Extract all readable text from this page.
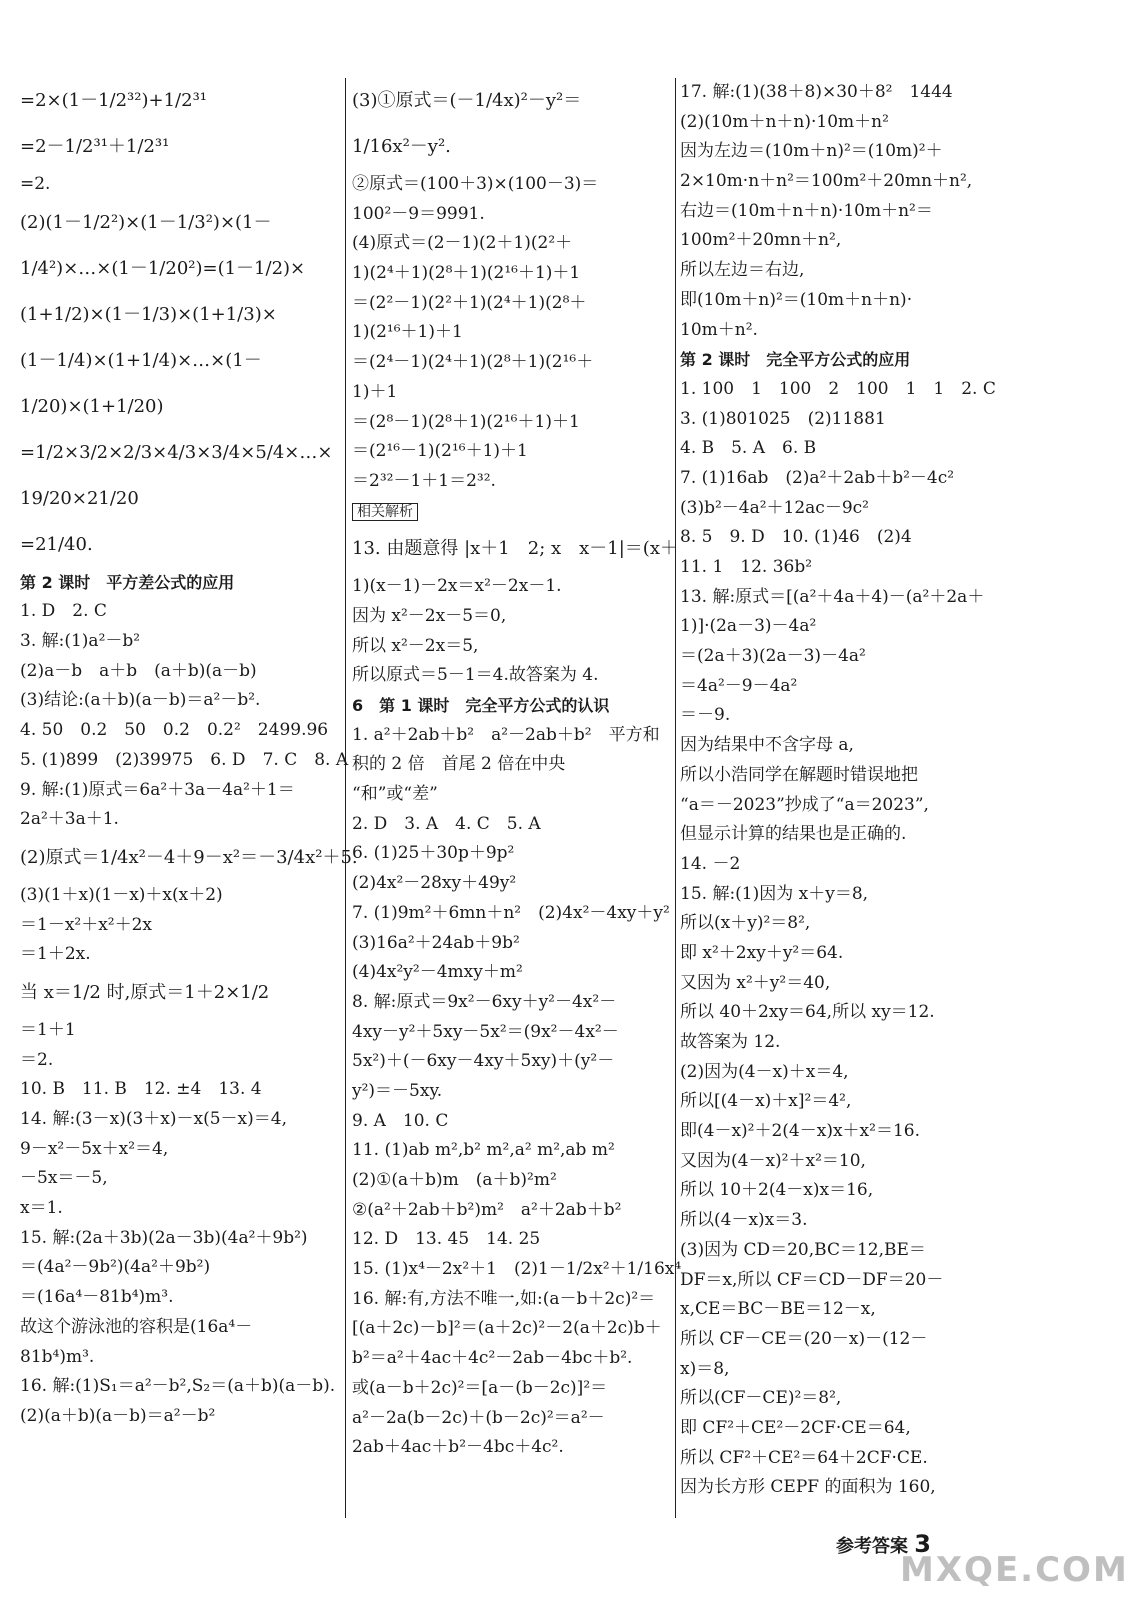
=2×(1－1/2³²)+1/2³¹
=2－1/2³¹＋1/2³¹
=2.
(2)(1－1/2²)×(1－1/3²)×(1－
1/4²)×…×(1－1/20²)=(1－1/2)×
(1+1/2)×(1－1/3)×(1+1/3)×
(1－1/4)×(1+1/4)×…×(1－
1/20)×(1+1/20)
=1/2×3/2×2/3×4/3×3/4×5/4×…×
19/20×21/20
=21/40.
第 2 课时　平方差公式的应用
1. D　2. C
3. 解:(1)a²－b²
(2)a－b　a＋b　(a＋b)(a－b)
(3)结论:(a＋b)(a－b)＝a²－b².
4. 50　0.2　50　0.2　0.2²　2499.96
5. (1)899　(2)39975　6. D　7. C　8. A
9. 解:(1)原式＝6a²＋3a－4a²＋1＝
2a²＋3a＋1.
(2)原式＝1/4x²－4＋9－x²＝－3/4x²＋5.
(3)(1＋x)(1－x)＋x(x＋2)
＝1－x²＋x²＋2x
＝1＋2x.
当 x＝1/2 时,原式＝1＋2×1/2
＝1＋1
＝2.
10. B　11. B　12. ±4　13. 4
14. 解:(3－x)(3＋x)－x(5－x)＝4,
9－x²－5x＋x²＝4,
－5x＝－5,
x＝1.
15. 解:(2a＋3b)(2a－3b)(4a²＋9b²)
＝(4a²－9b²)(4a²＋9b²)
＝(16a⁴－81b⁴)m³.
故这个游泳池的容积是(16a⁴－
81b⁴)m³.
16. 解:(1)S₁＝a²－b²,S₂＝(a＋b)(a－b).
(2)(a＋b)(a－b)＝a²－b²
(3)①原式＝(－1/4x)²－y²＝
1/16x²－y².
②原式＝(100＋3)×(100－3)＝
100²－9＝9991.
(4)原式＝(2－1)(2＋1)(2²＋
1)(2⁴＋1)(2⁸＋1)(2¹⁶＋1)＋1
＝(2²－1)(2²＋1)(2⁴＋1)(2⁸＋
1)(2¹⁶＋1)＋1
＝(2⁴－1)(2⁴＋1)(2⁸＋1)(2¹⁶＋
1)＋1
＝(2⁸－1)(2⁸＋1)(2¹⁶＋1)＋1
＝(2¹⁶－1)(2¹⁶＋1)＋1
＝2³²－1＋1＝2³².
相关解析
13. 由题意得 |x＋1　2; x　x－1|＝(x＋
1)(x－1)－2x＝x²－2x－1.
因为 x²－2x－5＝0,
所以 x²－2x＝5,
所以原式＝5－1＝4.故答案为 4.
6　第 1 课时　完全平方公式的认识
1. a²＋2ab＋b²　a²－2ab＋b²　平方和
积的 2 倍　首尾 2 倍在中央
“和”或“差”
2. D　3. A　4. C　5. A
6. (1)25＋30p＋9p²
(2)4x²－28xy＋49y²
7. (1)9m²＋6mn＋n²　(2)4x²－4xy＋y²
(3)16a²＋24ab＋9b²
(4)4x²y²－4mxy＋m²
8. 解:原式＝9x²－6xy＋y²－4x²－
4xy－y²＋5xy－5x²＝(9x²－4x²－
5x²)＋(－6xy－4xy＋5xy)＋(y²－
y²)＝－5xy.
9. A　10. C
11. (1)ab m²,b² m²,a² m²,ab m²
(2)①(a＋b)m　(a＋b)²m²
②(a²＋2ab＋b²)m²　a²＋2ab＋b²
12. D　13. 45　14. 25
15. (1)x⁴－2x²＋1　(2)1－1/2x²＋1/16x⁴
16. 解:有,方法不唯一,如:(a－b＋2c)²＝
[(a＋2c)－b]²＝(a＋2c)²－2(a＋2c)b＋
b²＝a²＋4ac＋4c²－2ab－4bc＋b².
或(a－b＋2c)²＝[a－(b－2c)]²＝
a²－2a(b－2c)＋(b－2c)²＝a²－
2ab＋4ac＋b²－4bc＋4c².
17. 解:(1)(38＋8)×30＋8²　1444
(2)(10m＋n＋n)·10m＋n²
因为左边＝(10m＋n)²＝(10m)²＋
2×10m·n＋n²＝100m²＋20mn＋n²,
右边＝(10m＋n＋n)·10m＋n²＝
100m²＋20mn＋n²,
所以左边＝右边,
即(10m＋n)²＝(10m＋n＋n)·
10m＋n².
第 2 课时　完全平方公式的应用
1. 100　1　100　2　100　1　1　2. C
3. (1)801025　(2)11881
4. B　5. A　6. B
7. (1)16ab　(2)a²＋2ab＋b²－4c²
(3)b²－4a²＋12ac－9c²
8. 5　9. D　10. (1)46　(2)4
11. 1　12. 36b²
13. 解:原式＝[(a²＋4a＋4)－(a²＋2a＋
1)]·(2a－3)－4a²
＝(2a＋3)(2a－3)－4a²
＝4a²－9－4a²
＝－9.
因为结果中不含字母 a,
所以小浩同学在解题时错误地把
“a＝－2023”抄成了“a＝2023”,
但显示计算的结果也是正确的.
14. －2
15. 解:(1)因为 x＋y＝8,
所以(x＋y)²＝8²,
即 x²＋2xy＋y²＝64.
又因为 x²＋y²＝40,
所以 40＋2xy＝64,所以 xy＝12.
故答案为 12.
(2)因为(4－x)＋x＝4,
所以[(4－x)＋x]²＝4²,
即(4－x)²＋2(4－x)x＋x²＝16.
又因为(4－x)²＋x²＝10,
所以 10＋2(4－x)x＝16,
所以(4－x)x＝3.
(3)因为 CD＝20,BC＝12,BE＝
DF＝x,所以 CF＝CD－DF＝20－
x,CE＝BC－BE＝12－x,
所以 CF－CE＝(20－x)－(12－
x)＝8,
所以(CF－CE)²＝8²,
即 CF²＋CE²－2CF·CE＝64,
所以 CF²＋CE²＝64＋2CF·CE.
因为长方形 CEPF 的面积为 160,
参考答案 3
MXQE.COM
